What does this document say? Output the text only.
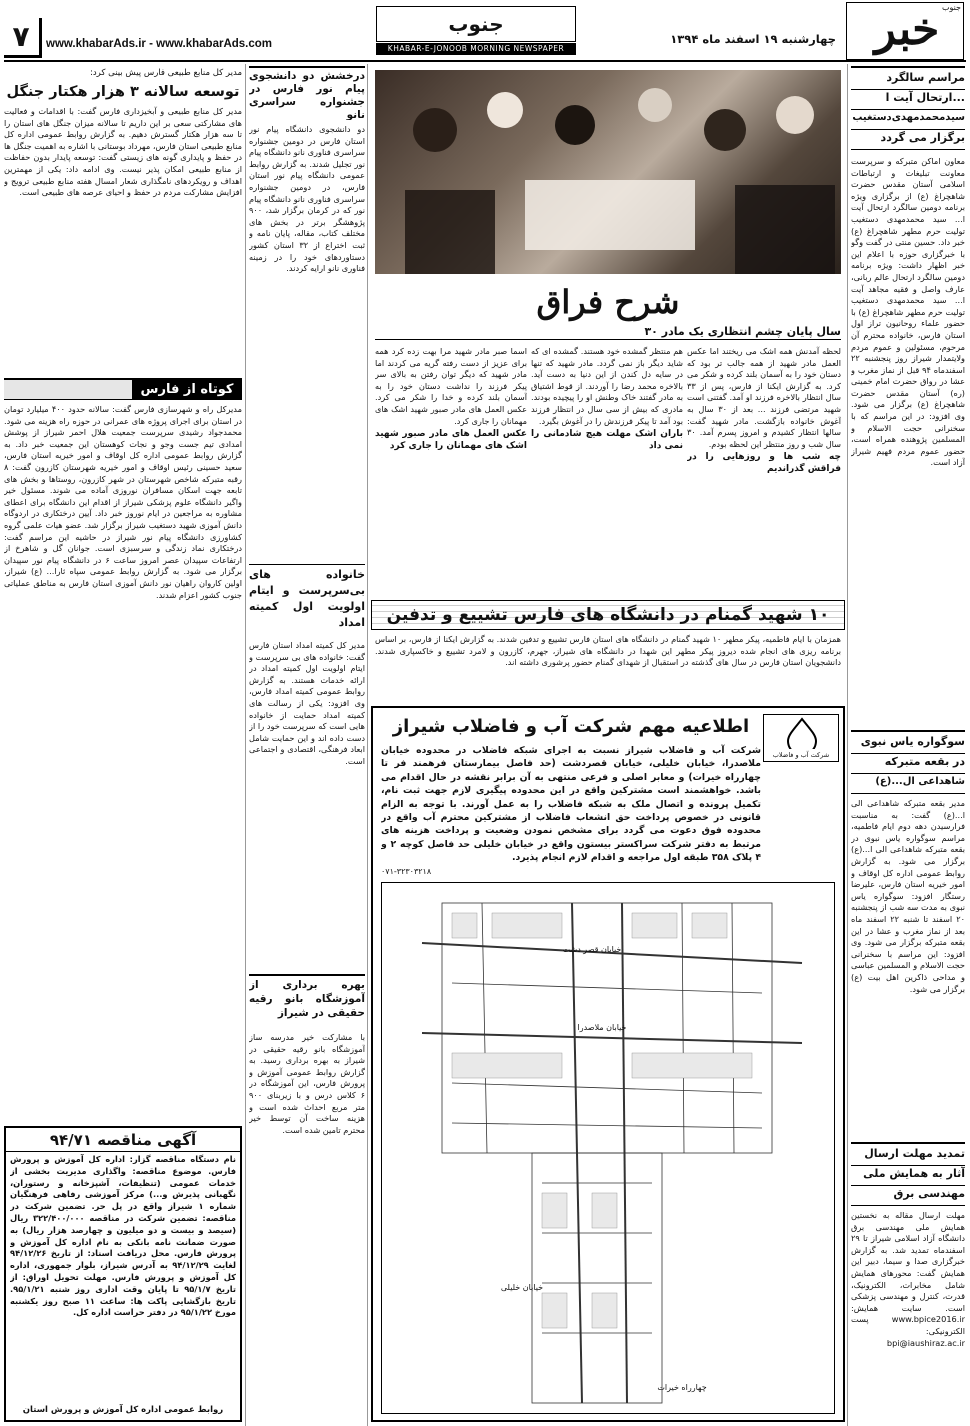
خبر جنوب
چهارشنبه ۱۹ اسفند ماه ۱۳۹۴
جنوب
KHABAR-E-JONOOB MORNING NEWSPAPER
www.khabarAds.ir - www.khabarAds.com
۷
مراسم سالگرد
ارتحال آیت ا...
سیدمحمدمهدی‌دستغیب
برگزار می گردد
معاون اماکن متبرکه و سرپرست معاونت تبلیغات و ارتباطات اسلامی آستان مقدس حضرت شاهچراغ (ع) از برگزاری ویژه برنامه دومین سالگرد ارتحال آیت ا... سید محمدمهدی دستغیب تولیت حرم مطهر شاهچراغ (ع) خبر داد. حسین منتی در گفت وگو با خبرگزاری حوزه با اعلام این خبر اظهار داشت: ویژه برنامه دومین سالگرد ارتحال عالم ربانی، عارف واصل و فقیه مجاهد آیت ا... سید محمدمهدی دستغیب تولیت حرم مطهر شاهچراغ (ع) با حضور علماء روحانیون تراز اول استان فارس، خانواده محترم آن مرحوم، مسئولین و عموم مردم ولایتمدار شیراز روز پنجشنبه ۲۲ اسفندماه ۹۴ قبل از نماز مغرب و عشا در رواق حضرت امام خمینی (ره) آستان مقدس حضرت شاهچراغ (ع) برگزار می شود. وی افزود: در این مراسم که با سخنرانی حجت الاسلام و المسلمین پژوهنده همراه است، حضور عموم مردم فهیم شیراز آزاد است.
سوگواره یاس نبوی
در بقعه متبرکه
شاهدا‌عی ال...(ع)
مدیر بقعه متبرکه شاهداعی الی ا...(ع) گفت: به مناسبت فرارسیدن دهه دوم ایام فاطمیه، مراسم سوگواره یاس نبوی در بقعه متبرکه شاهداعی الی ا...(ع) برگزار می شود. به گزارش روابط عمومی اداره کل اوقاف و امور خیریه استان فارس، علیرضا رستگار افزود: سوگواره یاس نبوی به مدت سه شب از پنجشنبه ۲۰ اسفند تا شنبه ۲۲ اسفند ماه بعد از نماز مغرب و عشا در این بقعه متبرکه برگزار می شود. وی افزود: این مراسم با سخنرانی حجت الاسلام و المسلمین عباسی و مداحی ذاکرین اهل بیت (ع) برگزار می شود.
تمدید مهلت ارسال
آثار به همایش ملی
مهندسی برق
مهلت ارسال مقاله به نخستین همایش ملی مهندسی برق دانشگاه آزاد اسلامی شیراز تا ۲۹ اسفندماه تمدید شد. به گزارش خبرگزاری صدا و سیما، دبیر این همایش گفت: محورهای همایش شامل مخابرات، الکترونیک، قدرت، کنترل و مهندسی پزشکی است. سایت همایش: www.bpice2016.ir پست الکترونیکی: bpi@iaushiraz.ac.ir
شرح فراق
۳۰ سال پایان چشم انتظاری یک مادر

لحظه آمدنش همه اشک می ریختند اما عکس العمل مادر شهید از همه جالب تر بود که دستان خود را به آسمان بلند کرده و شکر می کرد. به گزارش ایکنا از فارس، پس از ۳۳ سال انتظار بالاخره فرزند او آمد. گفتنی است شهید مرتضی فرزند ... بعد از ۳۰ سال به آغوش خانواده بازگشت. مادر شهید گفت: سالها انتظار کشیدم و امروز پسرم آمد. ۳۰ سال شب و روز منتظر این لحظه بودم.

چه شب ها و روزهایی را در فراقش گذراندیم

هم منتظر گمشده خود هستند. گمشده ای که شاید دیگر باز نمی گردد. مادر شهید که تنها در سایه دل کندن از این دنیا به دست آید. بالاخره محمد رضا را آوردند. از قوط اشتیاق به مادر گفتند خاک وطنش او را پیچیده بودند. مادری که بیش از سی سال در انتظار فرزند بود آمد تا پیکر فرزندش را در آغوش بگیرد.

باران اشک مهلت هیچ شادمانی را نمی داد

اسما صبر مادر شهید مرا بهت زده کرد همه برای عزیز از دست رفته گریه می کردند اما مادر شهید که دیگر توان رفتن به بالای سر پیکر فرزند را نداشت دستان خود را به آسمان بلند کرده و خدا را شکر می کرد. عکس العمل های مادر صبور شهید اشک های مهمانان را جاری کرد.

عکس العمل های مادر صبور شهید اشک های مهمانان را جاری کرد

۱۰ شهید گمنام در دانشگاه های فارس تشییع و تدفین
همزمان با ایام فاطمیه، پیکر مطهر ۱۰ شهید گمنام در دانشگاه های استان فارس تشییع و تدفین شدند. به گزارش ایکنا از فارس، بر اساس برنامه ریزی های انجام شده دیروز پیکر مطهر این شهدا در دانشگاه های شیراز، جهرم، کازرون و لامرد تشییع و خاکسپاری شدند. دانشجویان استان فارس در سال های گذشته در استقبال از شهدای گمنام حضور پرشوری داشته اند.
شرکت آب و فاضلاب
اطلاعیه مهم شرکت آب و فاضلاب شیراز
شرکت آب و فاضلاب شیراز نسبت به اجرای شبکه فاضلاب در محدوده خیابان ملاصدرا، خیابان خلیلی، خیابان قصردشت (حد فاصل بیمارستان فرهمند فر تا چهارراه خیرات) و معابر اصلی و فرعی منتهی به آن برابر نقشه در حال اقدام می باشد. خواهشمند است مشترکین واقع در این محدوده پیگیری لازم جهت ثبت نام، تکمیل پرونده و اتصال ملک به شبکه فاضلاب را به عمل آورند. با توجه به الزام قانونی در خصوص پرداخت حق انشعاب فاضلاب از مشترکین محترم آب واقع در محدوده فوق دعوت می گردد برای مشخص نمودن وضعیت و پرداخت هزینه های مرتبط به دفتر شرکت سراکستر بیستون واقع در خیابان خلیلی حد فاصل کوچه ۲ و ۴ پلاک ۳۵۸ طبقه اول مراجعه و اقدام لازم انجام پذیرد.
۰۷۱-۳۲۳۰۳۲۱۸
خیابان ملاصدرا
خیابان قصر دشت
خیابان خلیلی
چهارراه خیرات
درخشش دو دانشجوی پیام نور فارس در جشنواره سراسری نانو
دو دانشجوی دانشگاه پیام نور استان فارس در دومین جشنواره سراسری فناوری نانو دانشگاه پیام نور تجلیل شدند. به گزارش روابط عمومی دانشگاه پیام نور استان فارس، در دومین جشنواره سراسری فناوری نانو دانشگاه پیام نور که در کرمان برگزار شد، ۹۰۰ پژوهشگر برتر در بخش های مختلف کتاب، مقاله، پایان نامه و ثبت اختراع از ۳۲ استان کشور دستاوردهای خود را در زمینه فناوری نانو ارایه کردند.
خانواده های بی‌سرپرست و ایتام اولویت اول کمیته امداد
مدیر کل کمیته امداد استان فارس گفت: خانواده های بی سرپرست و ایتام اولویت اول کمیته امداد در ارائه خدمات هستند. به گزارش روابط عمومی کمیته امداد فارس، وی افزود: یکی از رسالت های کمیته امداد حمایت از خانواده هایی است که سرپرست خود را از دست داده اند و این حمایت شامل ابعاد فرهنگی، اقتصادی و اجتماعی است.
بهره برداری از آموزشگاه بانو رقیه حقیقی در شیراز
با مشارکت خیر مدرسه ساز آموزشگاه بانو رقیه حقیقی در شیراز به بهره برداری رسید. به گزارش روابط عمومی آموزش و پرورش فارس، این آموزشگاه در ۶ کلاس درس و با زیربنای ۹۰۰ متر مربع احداث شده است و هزینه ساخت آن توسط خیر محترم تامین شده است.
مدیر کل منابع طبیعی فارس پیش بینی کرد:
توسعه سالانه ۳ هزار هکتار جنگل
مدیر کل منابع طبیعی و آبخیزداری فارس گفت: با اقدامات و فعالیت های مشارکتی سعی بر این داریم تا سالانه میزان جنگل های استان را تا سه هزار هکتار گسترش دهیم. به گزارش روابط عمومی اداره کل منابع طبیعی استان فارس، مهرداد بوستانی با اشاره به اهمیت جنگل ها در حفظ و پایداری گونه های زیستی گفت: توسعه پایدار بدون حفاظت از منابع طبیعی امکان پذیر نیست. وی ادامه داد: یکی از مهمترین اهداف و رویکردهای نامگذاری شعار امسال هفته منابع طبیعی ترویج و افزایش مشارکت مردم در حفظ و احیای عرصه های طبیعی است.
کوتاه از فارس
مدیرکل راه و شهرسازی فارس گفت: سالانه حدود ۴۰۰ میلیارد تومان در استان برای اجرای پروژه های عمرانی در حوزه راه هزینه می شود. محمدجواد رشیدی سرپرست جمعیت هلال احمر شیراز از پوشش امدادی تیم جست وجو و نجات کوهستان این جمعیت خبر داد. به گزارش روابط عمومی اداره کل اوقاف و امور خیریه استان فارس، سعید حسینی رئیس اوقاف و امور خیریه شهرستان کازرون گفت: ۸ رقبه متبرکه شاخص شهرستان در شهر کازرون، روستاها و بخش های تابعه جهت اسکان مسافران نوروزی آماده می شوند. مسئول خیر واگیر دانشگاه علوم پزشکی شیراز از اقدام این دانشگاه برای اعطای مشاوره به مراجعین در ایام نوروز خبر داد. آیین درختکاری در اردوگاه دانش آموزی شهید دستغیب شیراز برگزار شد. عضو هیات علمی گروه کشاورزی دانشگاه پیام نور شیراز در حاشیه این مراسم گفت: درختکاری نماد زندگی و سرسبزی است. جوانان گل و شاهرخ از ارتفاعات سپیدان عصر امروز ساعت ۶ در دانشگاه پیام نور سپیدان برگزار می شود. به گزارش روابط عمومی سپاه ثارا... (ع) شیراز، اولین کاروان راهیان نور دانش آموزی استان فارس به مناطق عملیاتی جنوب کشور اعزام شدند.
آگهی مناقصه ۹۴/۷۱
نام دستگاه مناقصه گزار: اداره کل آموزش و پرورش فارس. موضوع مناقصه: واگذاری مدیریت بخشی از خدمات عمومی (تنظیفات، آشپزخانه و رستوران، نگهبانی پذیرش و...) مرکز آموزشی رفاهی فرهنگیان شماره ۱ شیراز واقع در پل حر. تضمین شرکت در مناقصه: تضمین شرکت در مناقصه ۳۲۲/۴۰۰/۰۰۰ ریال (سیصد و بیست و دو میلیون و چهارصد هزار ریال) به صورت ضمانت نامه بانکی به نام اداره کل آموزش و پرورش فارس. محل دریافت اسناد: از تاریخ ۹۴/۱۲/۲۶ لغایت ۹۴/۱۲/۲۹ به آدرس شیراز، بلوار جمهوری، اداره کل آموزش و پرورش فارس. مهلت تحویل اوراق: از تاریخ ۹۵/۱/۷ تا پایان وقت اداری روز شنبه ۹۵/۱/۲۱. تاریخ بازگشایی پاکت ها: ساعت ۱۱ صبح روز یکشنبه مورخ ۹۵/۱/۲۲ در دفتر حراست اداره کل.
روابط عمومی اداره کل آموزش و پرورش استان
